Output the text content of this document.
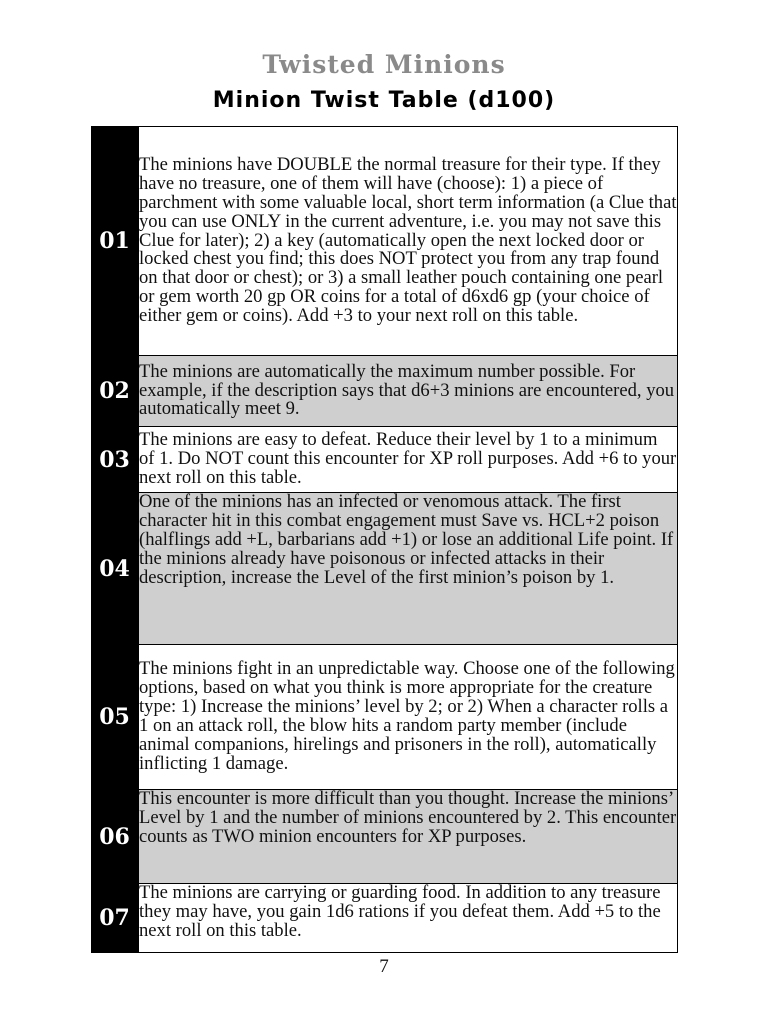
Twisted Minions
Minion Twist Table (d100)
01	The minions have DOUBLE the normal treasure for their type. If they have no treasure, one of them will have (choose): 1) a piece of parchment with some valuable local, short term information (a Clue that you can use ONLY in the current adventure, i.e. you may not save this Clue for later); 2) a key (automatically open the next locked door or locked chest you find; this does NOT protect you from any trap found on that door or chest); or 3) a small leather pouch containing one pearl or gem worth 20 gp OR coins for a total of d6xd6 gp (your choice of either gem or coins). Add +3 to your next roll on this table.

02	The minions are automatically the maximum number possible. For example, if the description says that d6+3 minions are encountered, you automatically meet 9.

03	The minions are easy to defeat. Reduce their level by 1 to a minimum of 1. Do NOT count this encounter for XP roll purposes. Add +6 to your next roll on this table.

04	One of the minions has an infected or venomous attack. The first character hit in this combat engagement must Save vs. HCL+2 poison (halflings add +L, barbarians add +1) or lose an additional Life point. If the minions already have poisonous or infected attacks in their description, increase the Level of the first minion’s poison by 1.

05	The minions fight in an unpredictable way. Choose one of the following options, based on what you think is more appropriate for the creature type: 1) Increase the minions’ level by 2; or 2) When a character rolls a 1 on an attack roll, the blow hits a random party member (include animal companions, hirelings and prisoners in the roll), automatically inflicting 1 damage.

06	This encounter is more difficult than you thought. Increase the minions’ Level by 1 and the number of minions encountered by 2. This encounter counts as TWO minion encounters for XP purposes.

07	The minions are carrying or guarding food. In addition to any treasure they may have, you gain 1d6 rations if you defeat them. Add +5 to the next roll on this table.
7
